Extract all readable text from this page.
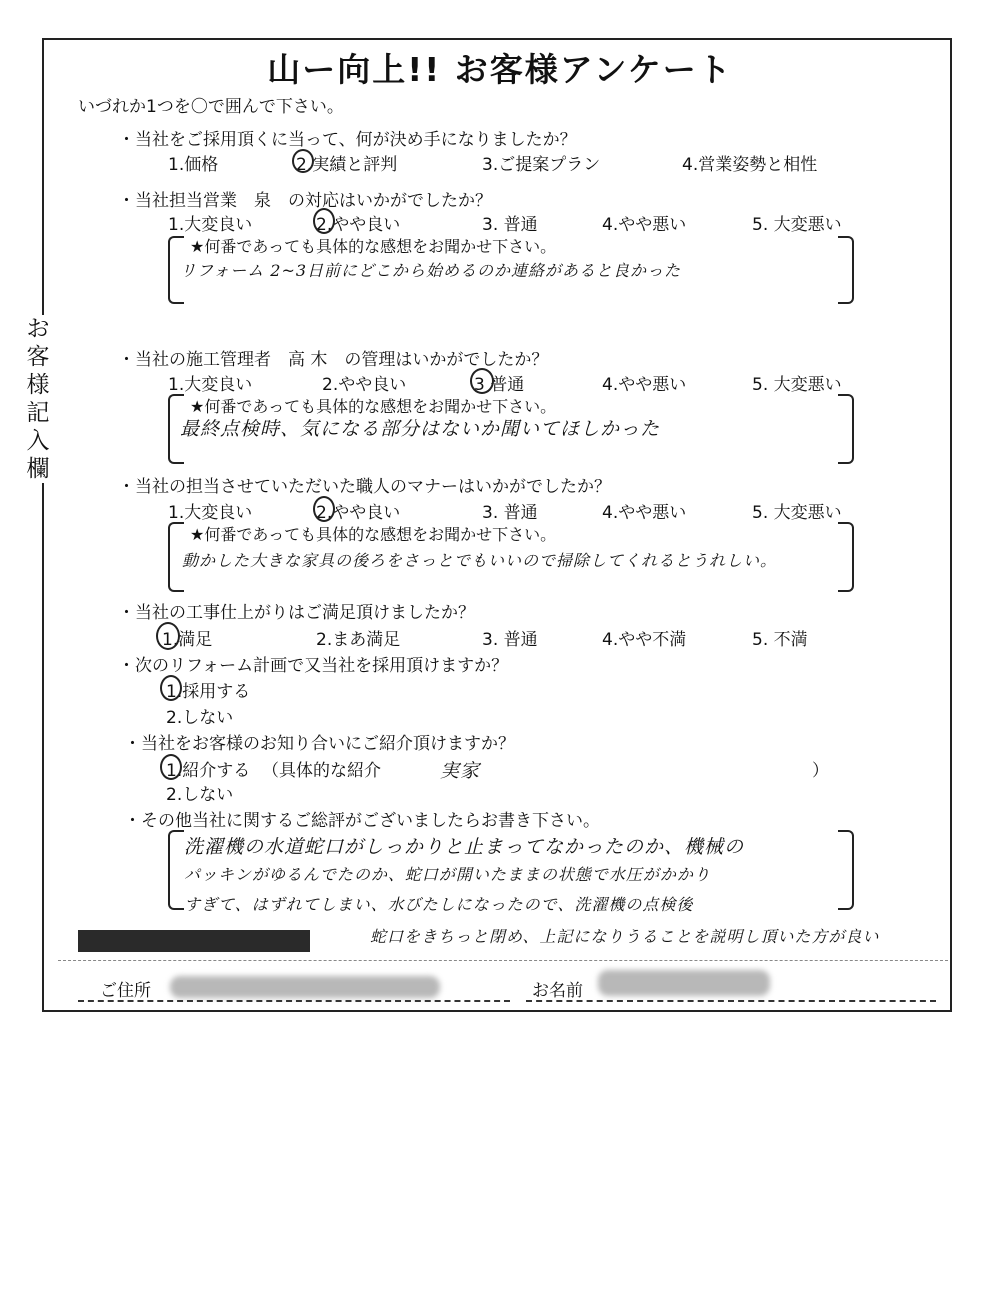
山ー向上!! お客様アンケート
いづれか1つを〇で囲んで下さい。
お
客
様
記
入
欄
・当社をご採用頂くに当って、何が決め手になりましたか？
1.価格	2.実績と評判	3.ご提案プラン	4.営業姿勢と相性
・当社担当営業　泉　の対応はいかがでしたか？
1.大変良い	2.やや良い	3. 普通	4.やや悪い	5. 大変悪い
★何番であっても具体的な感想をお聞かせ下さい。
リフォーム 2~3日前にどこから始めるのか連絡があると良かった
・当社の施工管理者　高 木　の管理はいかがでしたか？
1.大変良い	2.やや良い	3 普通	4.やや悪い	5. 大変悪い
★何番であっても具体的な感想をお聞かせ下さい。
最終点検時、気になる部分はないか聞いてほしかった
・当社の担当させていただいた職人のマナーはいかがでしたか？
1.大変良い	2.やや良い	3. 普通	4.やや悪い	5. 大変悪い
★何番であっても具体的な感想をお聞かせ下さい。
動かした大きな家具の後ろをさっとでもいいので掃除してくれるとうれしい。
・当社の工事仕上がりはご満足頂けましたか？
1.満足	2.まあ満足	3. 普通	4.やや不満	5. 不満
・次のリフォーム計画で又当社を採用頂けますか？
1.採用する
2.しない
・当社をお客様のお知り合いにご紹介頂けますか？
1.紹介する （具体的な紹介	実家	）
2.しない
・その他当社に関するご総評がございましたらお書き下さい。
洗濯機の水道蛇口がしっかりと止まってなかったのか、機械の
パッキンがゆるんでたのか、蛇口が開いたままの状態で水圧がかかり
すぎて、はずれてしまい、水びたしになったので、洗濯機の点検後
蛇口をきちっと閉め、上記になりうることを説明し頂いた方が良い
ご住所	お名前
